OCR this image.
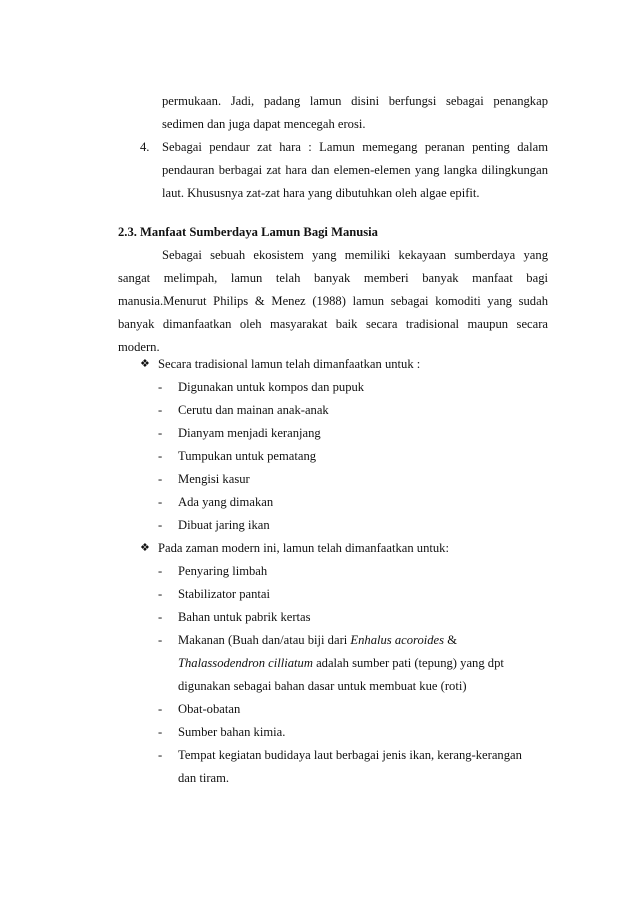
permukaan. Jadi, padang lamun disini berfungsi sebagai penangkap
sedimen dan juga dapat mencegah erosi.
4. Sebagai pendaur zat hara : Lamun memegang peranan penting dalam
pendauran berbagai zat hara dan elemen-elemen yang langka dilingkungan
laut. Khususnya zat-zat hara yang dibutuhkan oleh algae epifit.
2.3. Manfaat Sumberdaya Lamun Bagi Manusia
Sebagai sebuah ekosistem yang memiliki kekayaan sumberdaya yang
sangat melimpah, lamun telah banyak memberi banyak manfaat bagi
manusia.Menurut Philips & Menez (1988) lamun sebagai komoditi yang sudah
banyak dimanfaatkan oleh masyarakat baik secara tradisional maupun secara
modern.
❖ Secara tradisional lamun telah dimanfaatkan untuk :
- Digunakan untuk kompos dan pupuk
- Cerutu dan mainan anak-anak
- Dianyam menjadi keranjang
- Tumpukan untuk pematang
- Mengisi kasur
- Ada yang dimakan
- Dibuat jaring ikan
❖ Pada zaman modern ini, lamun telah dimanfaatkan untuk:
- Penyaring limbah
- Stabilizator pantai
- Bahan untuk pabrik kertas
- Makanan (Buah dan/atau biji dari Enhalus acoroides &
Thalassodendron cilliatum adalah sumber pati (tepung) yang dpt
digunakan sebagai bahan dasar untuk membuat kue (roti)
- Obat-obatan
- Sumber bahan kimia.
- Tempat kegiatan budidaya laut berbagai jenis ikan, kerang-kerangan
dan tiram.
